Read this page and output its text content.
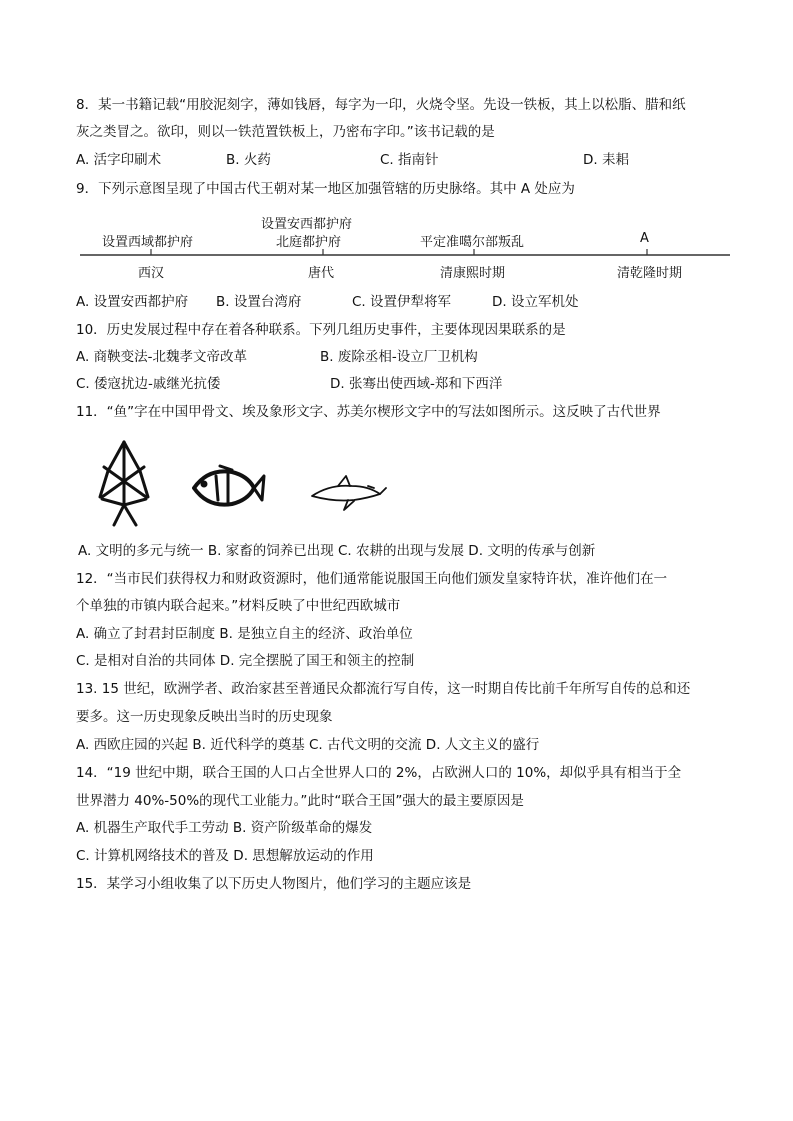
8．某一书籍记载“用胶泥刻字，薄如钱唇，每字为一印，火烧令坚。先设一铁板，其上以松脂、腊和纸
灰之类冒之。欲印，则以一铁范置铁板上，乃密布字印。”该书记载的是
A. 活字印刷术	B. 火药	C. 指南针	D. 耒耜
9．下列示意图呈现了中国古代王朝对某一地区加强管辖的历史脉络。其中 A 处应为
设置西域都护府
设置安西都护府
北庭都护府	平定准噶尔部叛乱	A
西汉	唐代	清康熙时期	清乾隆时期
A. 设置安西都护府 B. 设置台湾府	C. 设置伊犁将军	D. 设立军机处
10．历史发展过程中存在着各种联系。下列几组历史事件，主要体现因果联系的是
A. 商鞅变法-北魏孝文帝改革	B. 废除丞相-设立厂卫机构
C. 倭寇扰边-戚继光抗倭	D. 张骞出使西域-郑和下西洋
11．“鱼”字在中国甲骨文、埃及象形文字、苏美尔楔形文字中的写法如图所示。这反映了古代世界
A. 文明的多元与统一 B. 家畜的饲养已出现 C. 农耕的出现与发展 D. 文明的传承与创新
12．“当市民们获得权力和财政资源时，他们通常能说服国王向他们颁发皇家特许状，准许他们在一
个单独的市镇内联合起来。”材料反映了中世纪西欧城市
A. 确立了封君封臣制度 B. 是独立自主的经济、政治单位
C. 是相对自治的共同体 D. 完全摆脱了国王和领主的控制
13. 15 世纪，欧洲学者、政治家甚至普通民众都流行写自传，这一时期自传比前千年所写自传的总和还
要多。这一历史现象反映出当时的历史现象
A. 西欧庄园的兴起 B. 近代科学的奠基 C. 古代文明的交流 D. 人文主义的盛行
14．“19 世纪中期，联合王国的人口占全世界人口的 2%，占欧洲人口的 10%，却似乎具有相当于全
世界潜力 40%-50%的现代工业能力。”此时“联合王国”强大的最主要原因是
A. 机器生产取代手工劳动 B. 资产阶级革命的爆发
C. 计算机网络技术的普及 D. 思想解放运动的作用
15．某学习小组收集了以下历史人物图片，他们学习的主题应该是
